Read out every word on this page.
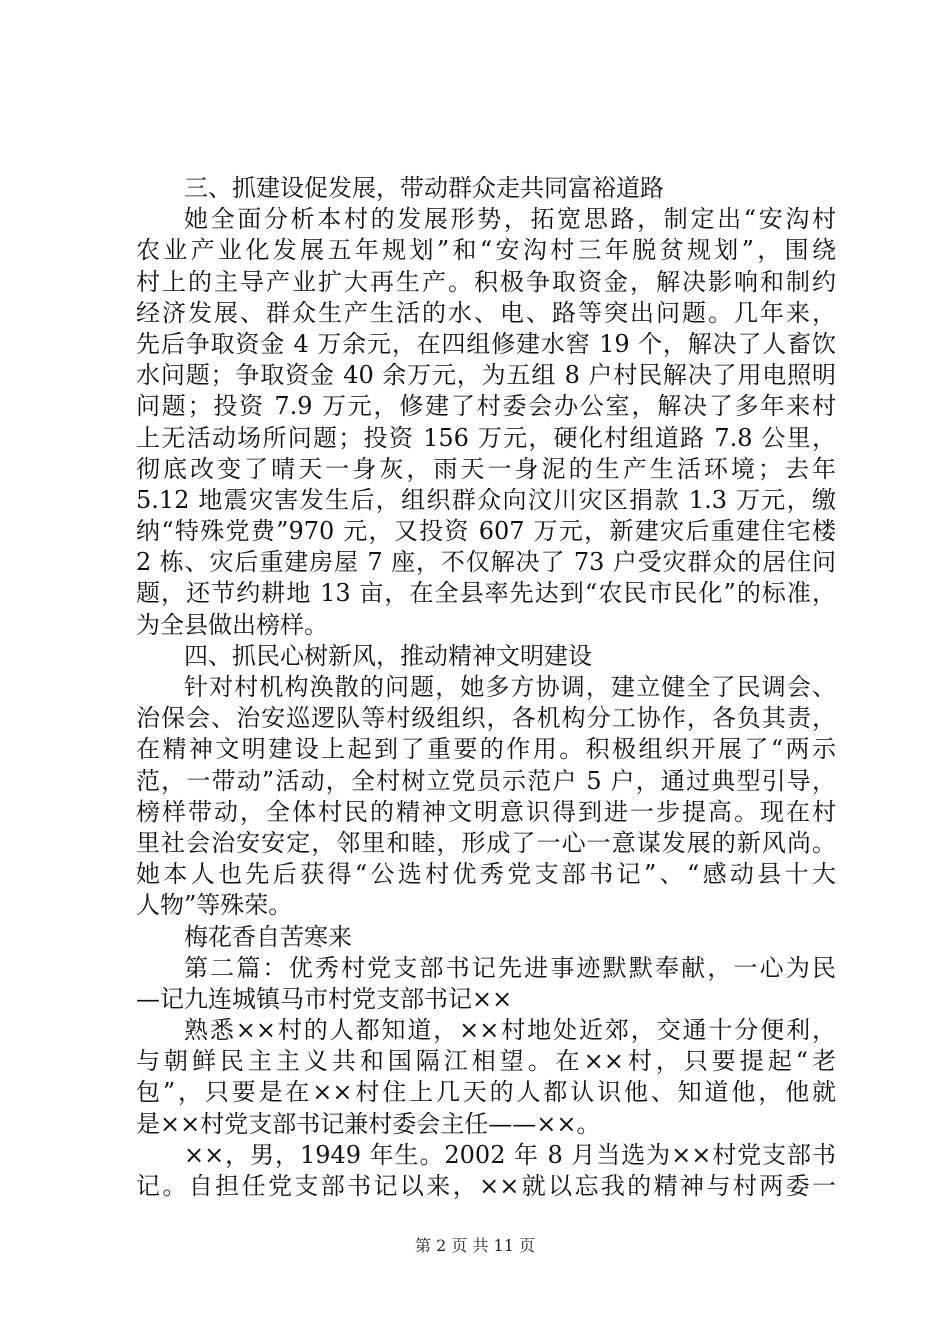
三、抓建设促发展，带动群众走共同富裕道路
她全面分析本村的发展形势，拓宽思路，制定出“安沟村
农业产业化发展五年规划”和“安沟村三年脱贫规划”，围绕
村上的主导产业扩大再生产。积极争取资金，解决影响和制约
经济发展、群众生产生活的水、电、路等突出问题。几年来，
先后争取资金 4 万余元，在四组修建水窖 19 个，解决了人畜饮
水问题；争取资金 40 余万元，为五组 8 户村民解决了用电照明
问题；投资 7.9 万元，修建了村委会办公室，解决了多年来村
上无活动场所问题；投资 156 万元，硬化村组道路 7.8 公里，
彻底改变了晴天一身灰，雨天一身泥的生产生活环境；去年
5.12 地震灾害发生后，组织群众向汶川灾区捐款 1.3 万元，缴
纳“特殊党费”970 元，又投资 607 万元，新建灾后重建住宅楼
2 栋、灾后重建房屋 7 座，不仅解决了 73 户受灾群众的居住问
题，还节约耕地 13 亩，在全县率先达到“农民市民化”的标准，
为全县做出榜样。
四、抓民心树新风，推动精神文明建设
针对村机构涣散的问题，她多方协调，建立健全了民调会、
治保会、治安巡逻队等村级组织，各机构分工协作，各负其责，
在精神文明建设上起到了重要的作用。积极组织开展了“两示
范，一带动”活动，全村树立党员示范户 5 户，通过典型引导，
榜样带动，全体村民的精神文明意识得到进一步提高。现在村
里社会治安安定，邻里和睦，形成了一心一意谋发展的新风尚。
她本人也先后获得“公选村优秀党支部书记”、“感动县十大
人物”等殊荣。
梅花香自苦寒来
第二篇：优秀村党支部书记先进事迹默默奉献，一心为民
—记九连城镇马市村党支部书记××
熟悉××村的人都知道，××村地处近郊，交通十分便利，
与朝鲜民主主义共和国隔江相望。在××村，只要提起“老
包”，只要是在××村住上几天的人都认识他、知道他，他就
是××村党支部书记兼村委会主任——××。
××，男，1949 年生。2002 年 8 月当选为××村党支部书
记。自担任党支部书记以来，××就以忘我的精神与村两委一
第 2 页 共 11 页
